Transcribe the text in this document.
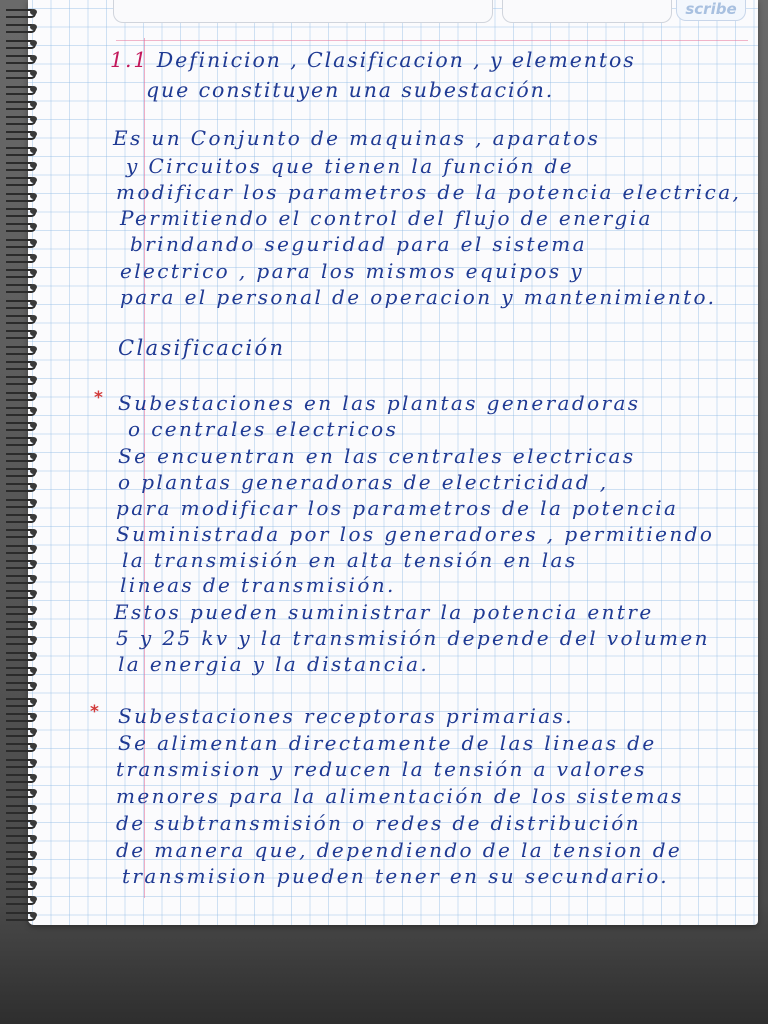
scribe
1.1 Definicion , Clasificacion , y elementos
que constituyen una subestación.
Es un Conjunto de maquinas , aparatos
y Circuitos que tienen la función de
modificar los parametros de la potencia electrica,
Permitiendo el control del flujo de energia
brindando seguridad para el sistema
electrico , para los mismos equipos y
para el personal de operacion y mantenimiento.
Clasificación
* Subestaciones en las plantas generadoras
o centrales electricos
Se encuentran en las centrales electricas
o plantas generadoras de electricidad ,
para modificar los parametros de la potencia
Suministrada por los generadores , permitiendo
la transmisión en alta tensión en las
lineas de transmisión.
Estos pueden suministrar la potencia entre
5 y 25 kv y la transmisión depende del volumen
la energia y la distancia.
* Subestaciones receptoras primarias.
Se alimentan directamente de las lineas de
transmision y reducen la tensión a valores
menores para la alimentación de los sistemas
de subtransmisión o redes de distribución
de manera que, dependiendo de la tension de
transmision pueden tener en su secundario.
